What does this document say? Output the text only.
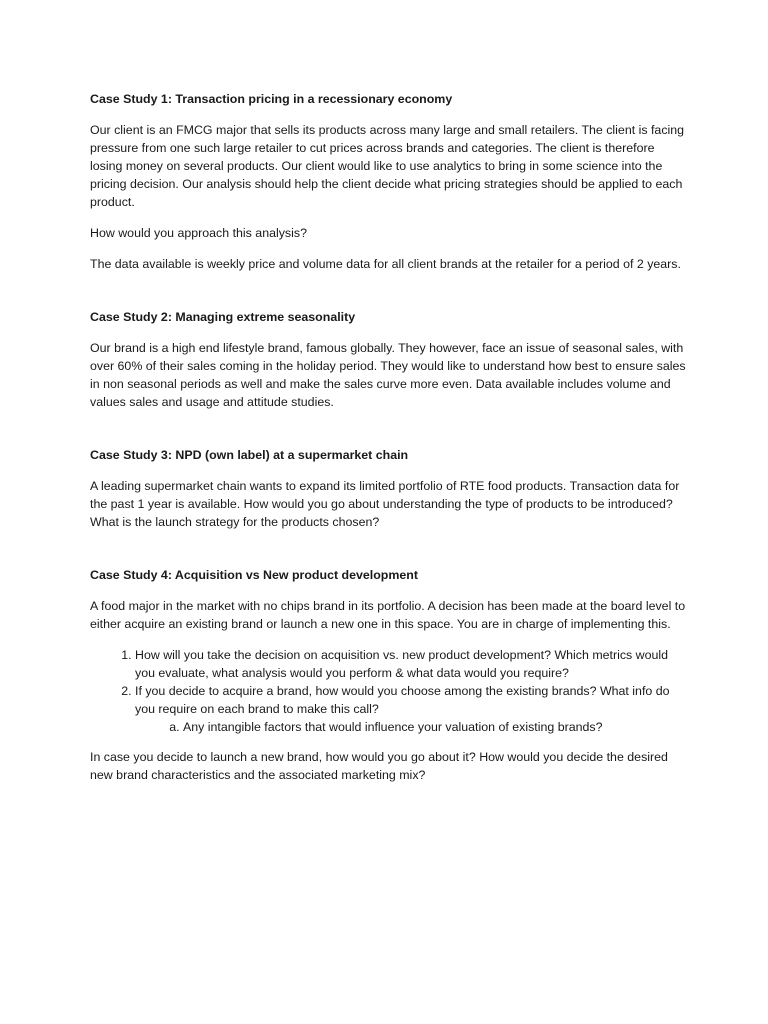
Case Study 1: Transaction pricing in a recessionary economy

Our client is an FMCG major that sells its products across many large and small retailers. The client is facing pressure from one such large retailer to cut prices across brands and categories. The client is therefore losing money on several products. Our client would like to use analytics to bring in some science into the pricing decision. Our analysis should help the client decide what pricing strategies should be applied to each product.

How would you approach this analysis?

The data available is weekly price and volume data for all client brands at the retailer for a period of 2 years.

Case Study 2: Managing extreme seasonality

Our brand is a high end lifestyle brand, famous globally. They however, face an issue of seasonal sales, with over 60% of their sales coming in the holiday period. They would like to understand how best to ensure sales in non seasonal periods as well and make the sales curve more even. Data available includes volume and values sales and usage and attitude studies.

Case Study 3: NPD (own label) at a supermarket chain

A leading supermarket chain wants to expand its limited portfolio of RTE food products. Transaction data for the past 1 year is available. How would you go about understanding the type of products to be introduced? What is the launch strategy for the products chosen?

Case Study 4: Acquisition vs New product development

A food major in the market with no chips brand in its portfolio. A decision has been made at the board level to either acquire an existing brand or launch a new one in this space. You are in charge of implementing this.

1. How will you take the decision on acquisition vs. new product development? Which metrics would you evaluate, what analysis would you perform & what data would you require?
2. If you decide to acquire a brand, how would you choose among the existing brands? What info do you require on each brand to make this call?
a. Any intangible factors that would influence your valuation of existing brands?

In case you decide to launch a new brand, how would you go about it? How would you decide the desired new brand characteristics and the associated marketing mix?
